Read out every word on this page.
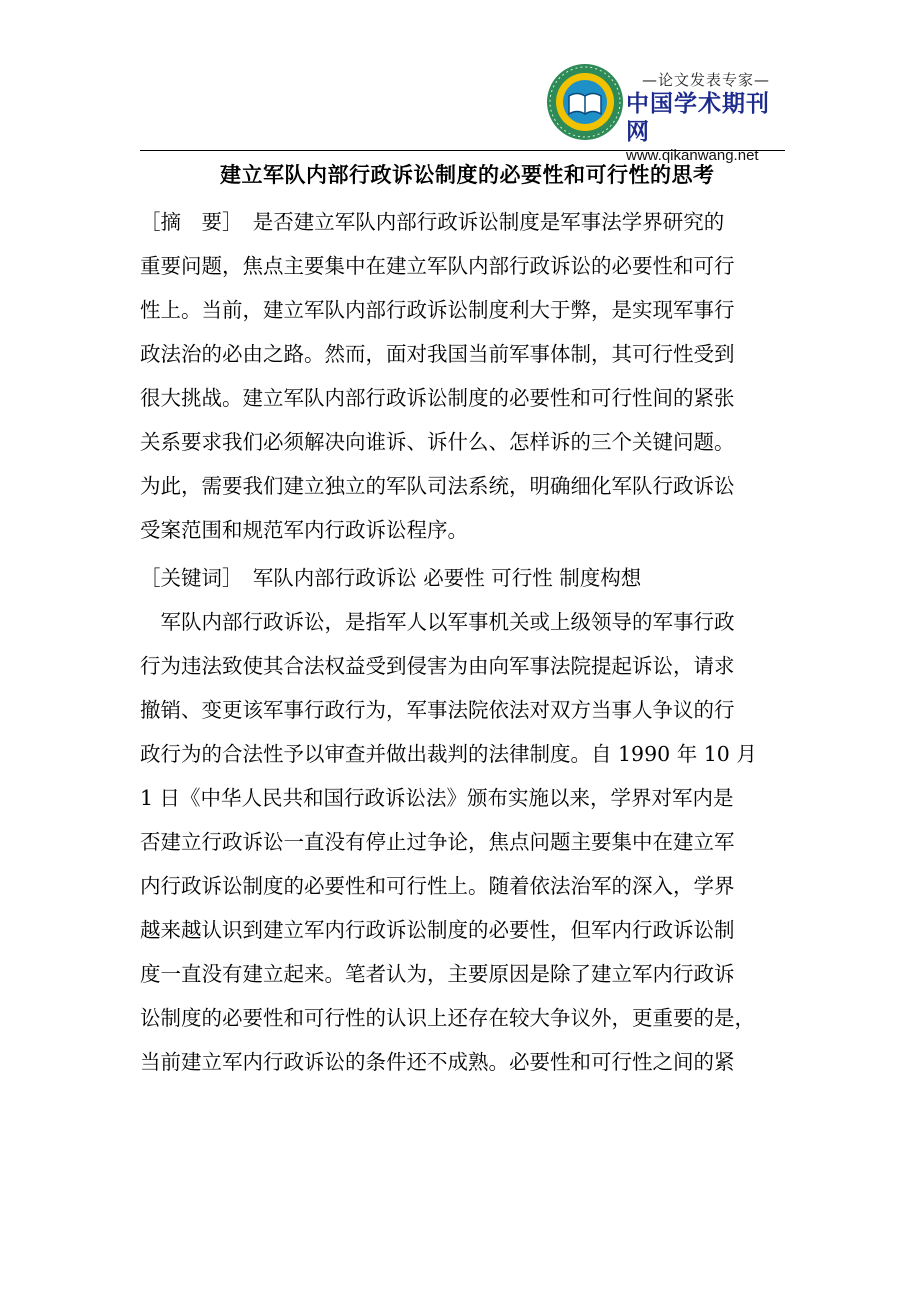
—论文发表专家—
中国学术期刊网
www.qikanwang.net
建立军队内部行政诉讼制度的必要性和可行性的思考
［摘　要］　是否建立军队内部行政诉讼制度是军事法学界研究的
重要问题，焦点主要集中在建立军队内部行政诉讼的必要性和可行
性上。当前，建立军队内部行政诉讼制度利大于弊，是实现军事行
政法治的必由之路。然而，面对我国当前军事体制，其可行性受到
很大挑战。建立军队内部行政诉讼制度的必要性和可行性间的紧张
关系要求我们必须解决向谁诉、诉什么、怎样诉的三个关键问题。
为此，需要我们建立独立的军队司法系统，明确细化军队行政诉讼
受案范围和规范军内行政诉讼程序。
［关键词］　军队内部行政诉讼 必要性 可行性 制度构想
　军队内部行政诉讼，是指军人以军事机关或上级领导的军事行政
行为违法致使其合法权益受到侵害为由向军事法院提起诉讼，请求
撤销、变更该军事行政行为，军事法院依法对双方当事人争议的行
政行为的合法性予以审查并做出裁判的法律制度。自 1990 年 10 月
1 日《中华人民共和国行政诉讼法》颁布实施以来，学界对军内是
否建立行政诉讼一直没有停止过争论，焦点问题主要集中在建立军
内行政诉讼制度的必要性和可行性上。随着依法治军的深入，学界
越来越认识到建立军内行政诉讼制度的必要性，但军内行政诉讼制
度一直没有建立起来。笔者认为，主要原因是除了建立军内行政诉
讼制度的必要性和可行性的认识上还存在较大争议外，更重要的是，
当前建立军内行政诉讼的条件还不成熟。必要性和可行性之间的紧
